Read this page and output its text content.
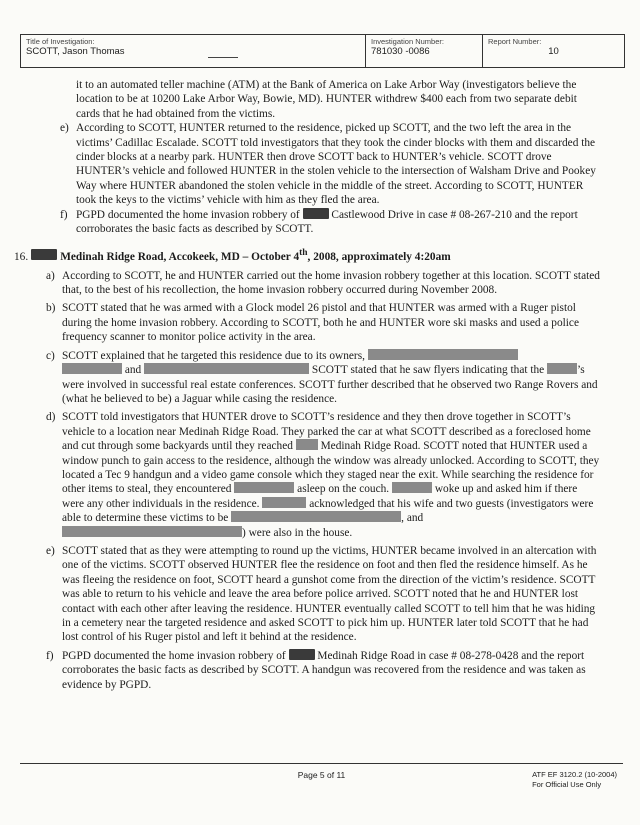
Title of Investigation:
SCOTT, Jason Thomas
Investigation Number:
781030 -0086
Report Number:
10

it to an automated teller machine (ATM) at the Bank of America on Lake Arbor Way (investigators believe the location to be at 10200 Lake Arbor Way, Bowie, MD). HUNTER withdrew $400 each from two separate debit cards that he had obtained from the victims.

e) According to SCOTT, HUNTER returned to the residence, picked up SCOTT, and the two left the area in the victims’ Cadillac Escalade. SCOTT told investigators that they took the cinder blocks with them and discarded the cinder blocks at a nearby park. HUNTER then drove SCOTT back to HUNTER’s vehicle. SCOTT drove HUNTER’s vehicle and followed HUNTER in the stolen vehicle to the intersection of Walsham Drive and Pookey Way where HUNTER abandoned the stolen vehicle in the middle of the street. According to SCOTT, HUNTER took the keys to the victims’ vehicle with him as they fled the area.
f) PGPD documented the home invasion robbery of	Castlewood Drive in case # 08-267-210 and the report corroborates the basic facts as described by SCOTT.
16.	Medinah Ridge Road, Accokeek, MD – October 4th, 2008, approximately 4:20am
a) According to SCOTT, he and HUNTER carried out the home invasion robbery together at this location. SCOTT stated that, to the best of his recollection, the home invasion robbery occurred during November 2008.
b) SCOTT stated that he was armed with a Glock model 26 pistol and that HUNTER was armed with a Ruger pistol during the home invasion robbery. According to SCOTT, both he and HUNTER wore ski masks and used a police frequency scanner to monitor police activity in the area.
c) SCOTT explained that he targeted this residence due to its owners,
and	SCOTT stated that he saw flyers indicating that the	’s were involved in successful real estate conferences. SCOTT further described that he observed two Range Rovers and (what he believed to be) a Jaguar while casing the residence.
d) SCOTT told investigators that HUNTER drove to SCOTT’s residence and they then drove together in SCOTT’s vehicle to a location near Medinah Ridge Road. They parked the car at what SCOTT described as a foreclosed home and cut through some backyards until they reached Medinah Ridge Road. SCOTT noted that HUNTER used a window punch to gain access to the residence, although the window was already unlocked. According to SCOTT, they located a Tec 9 handgun and a video game console which they staged near the exit. While searching the residence for other items to steal, they encountered	asleep on the couch.	woke up and asked him if there were any other individuals in the residence.	acknowledged that his wife and two guests (investigators were able to determine these victims to be	, and ) were also in the house.
e) SCOTT stated that as they were attempting to round up the victims, HUNTER became involved in an altercation with one of the victims. SCOTT observed HUNTER flee the residence on foot and then fled the residence himself. As he was fleeing the residence on foot, SCOTT heard a gunshot come from the direction of the victim’s residence. SCOTT was able to return to his vehicle and leave the area before police arrived. SCOTT noted that he and HUNTER lost contact with each other after leaving the residence. HUNTER eventually called SCOTT to tell him that he was hiding in a cemetery near the targeted residence and asked SCOTT to pick him up. HUNTER later told SCOTT that he had lost control of his Ruger pistol and left it behind at the residence.
f) PGPD documented the home invasion robbery of	Medinah Ridge Road in case # 08-278-0428 and the report corroborates the basic facts as described by SCOTT. A handgun was recovered from the residence and was taken as evidence by PGPD.
Page 5 of 11	ATF EF 3120.2 (10-2004)
For Official Use Only
